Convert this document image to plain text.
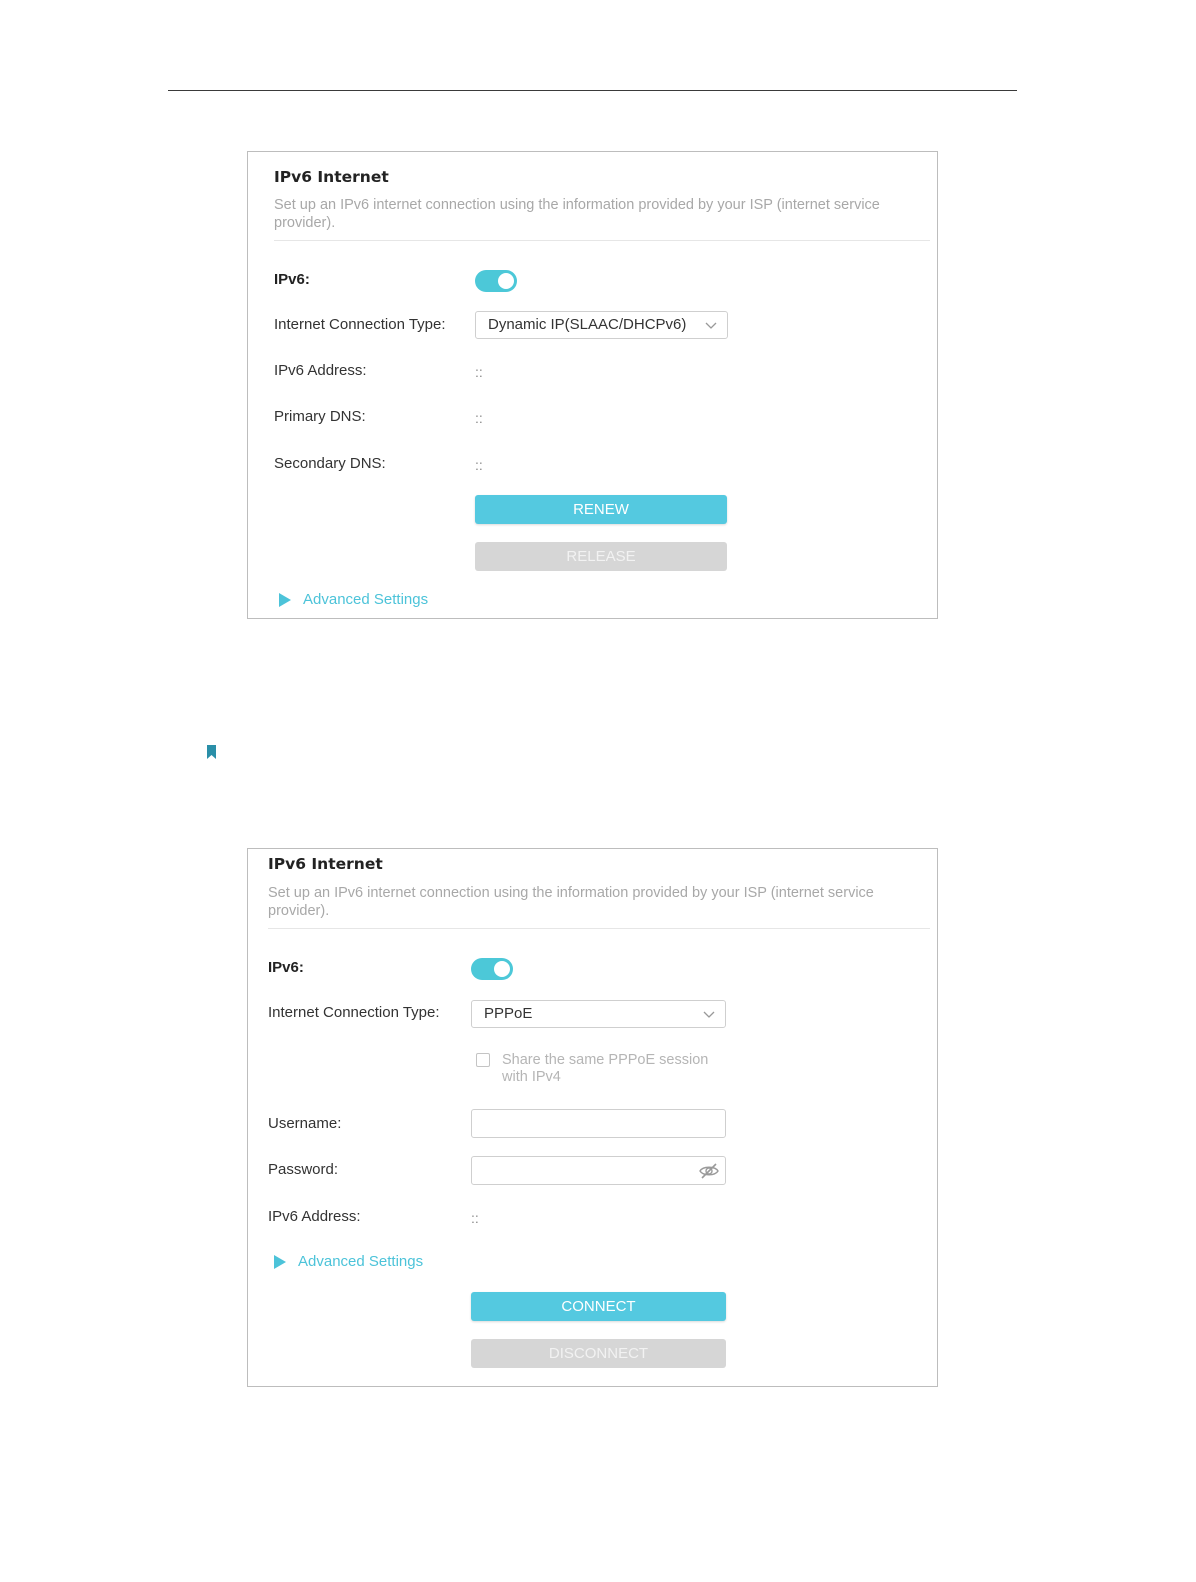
IPv6 Internet
Set up an IPv6 internet connection using the information provided by your ISP (internet service provider).
IPv6:
Internet Connection Type:	Dynamic IP(SLAAC/DHCPv6)
IPv6 Address:	::
Primary DNS:	::
Secondary DNS:	::
RENEW
RELEASE
Advanced Settings
IPv6 Internet
Set up an IPv6 internet connection using the information provided by your ISP (internet service provider).
IPv6:
Internet Connection Type:	PPPoE
Share the same PPPoE session with IPv4
Username:
Password:
IPv6 Address:	::
Advanced Settings
CONNECT
DISCONNECT
